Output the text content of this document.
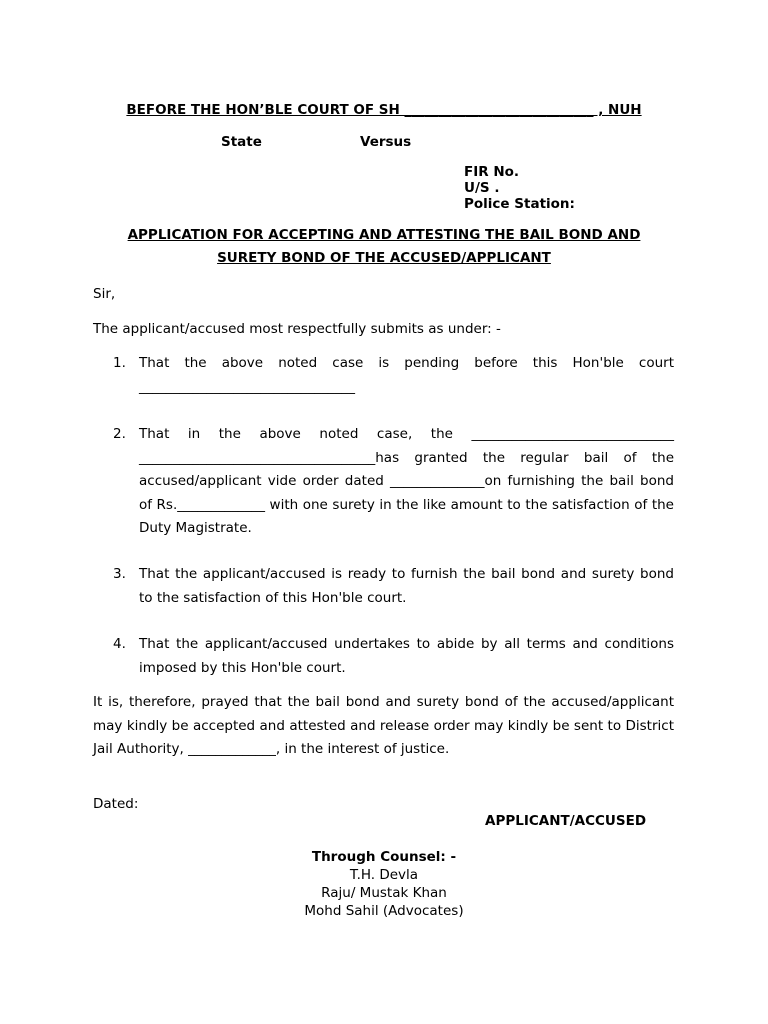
BEFORE THE HON’BLE COURT OF SH ____________________________ , NUH
State	Versus
FIR No.
U/S .
Police Station:
APPLICATION FOR ACCEPTING AND ATTESTING THE BAIL BOND AND
SURETY BOND OF THE ACCUSED/APPLICANT
Sir,
The applicant/accused most respectfully submits as under: -
1. That the above noted case is pending before this Hon'ble court ________________________________
2. That in the above noted case, the ______________________________ ___________________________________has granted the regular bail of the accused/applicant vide order dated ______________on furnishing the bail bond of Rs._____________ with one surety in the like amount to the satisfaction of the Duty Magistrate.
3. That the applicant/accused is ready to furnish the bail bond and surety bond to the satisfaction of this Hon'ble court.
4. That the applicant/accused undertakes to abide by all terms and conditions imposed by this Hon'ble court.
It is, therefore, prayed that the bail bond and surety bond of the accused/applicant may kindly be accepted and attested and release order may kindly be sent to District Jail Authority, _____________, in the interest of justice.
Dated:
APPLICANT/ACCUSED
Through Counsel: -
T.H. Devla
Raju/ Mustak Khan
Mohd Sahil (Advocates)
